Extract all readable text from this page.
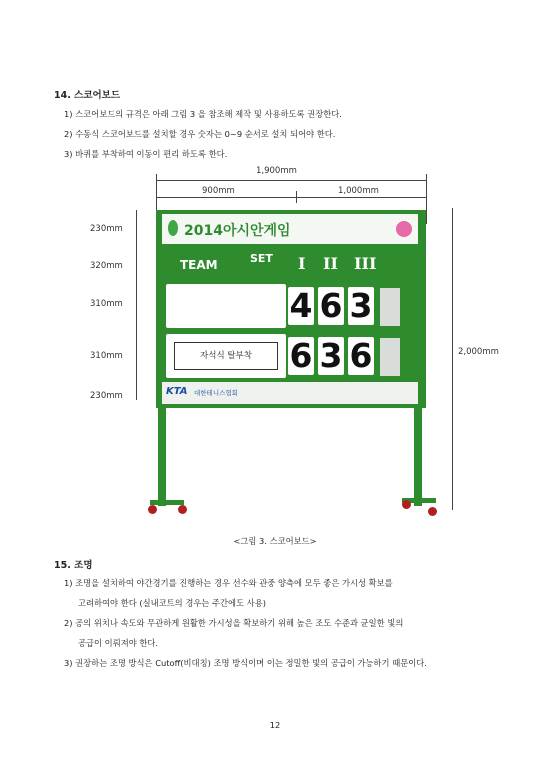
14. 스코어보드
1) 스코어보드의 규격은 아래 그림 3 을 참조해 제작 및 사용하도록 권장한다.
2) 수동식 스코어보드를 설치할 경우 숫자는 0~9 순서로 설치 되어야 한다.
3) 바퀴를 부착하여 이동이 편리 하도록 한다.
1,900mm
900mm	1,000mm
2,000mm
230mm
320mm
310mm
310mm
230mm
2014아시안게임
TEAM	SET I II III
4 6 3
자석식 탈부착	6 3 6
KTA 대한테니스협회
<그림 3. 스코어보드>
15. 조명
1) 조명을 설치하여 야간경기를 진행하는 경우 선수와 관중 양측에 모두 좋은 가시성 확보를
고려하여야 한다 (실내코트의 경우는 주간에도 사용)
2) 공의 위치나 속도와 무관하게 원활한 가시성을 확보하기 위해 높은 조도 수준과 균일한 빛의
공급이 이뤄져야 한다.
3) 권장하는 조명 방식은 Cutoff(비대칭) 조명 방식이며 이는 정밀한 빛의 공급이 가능하기 때문이다.
12
